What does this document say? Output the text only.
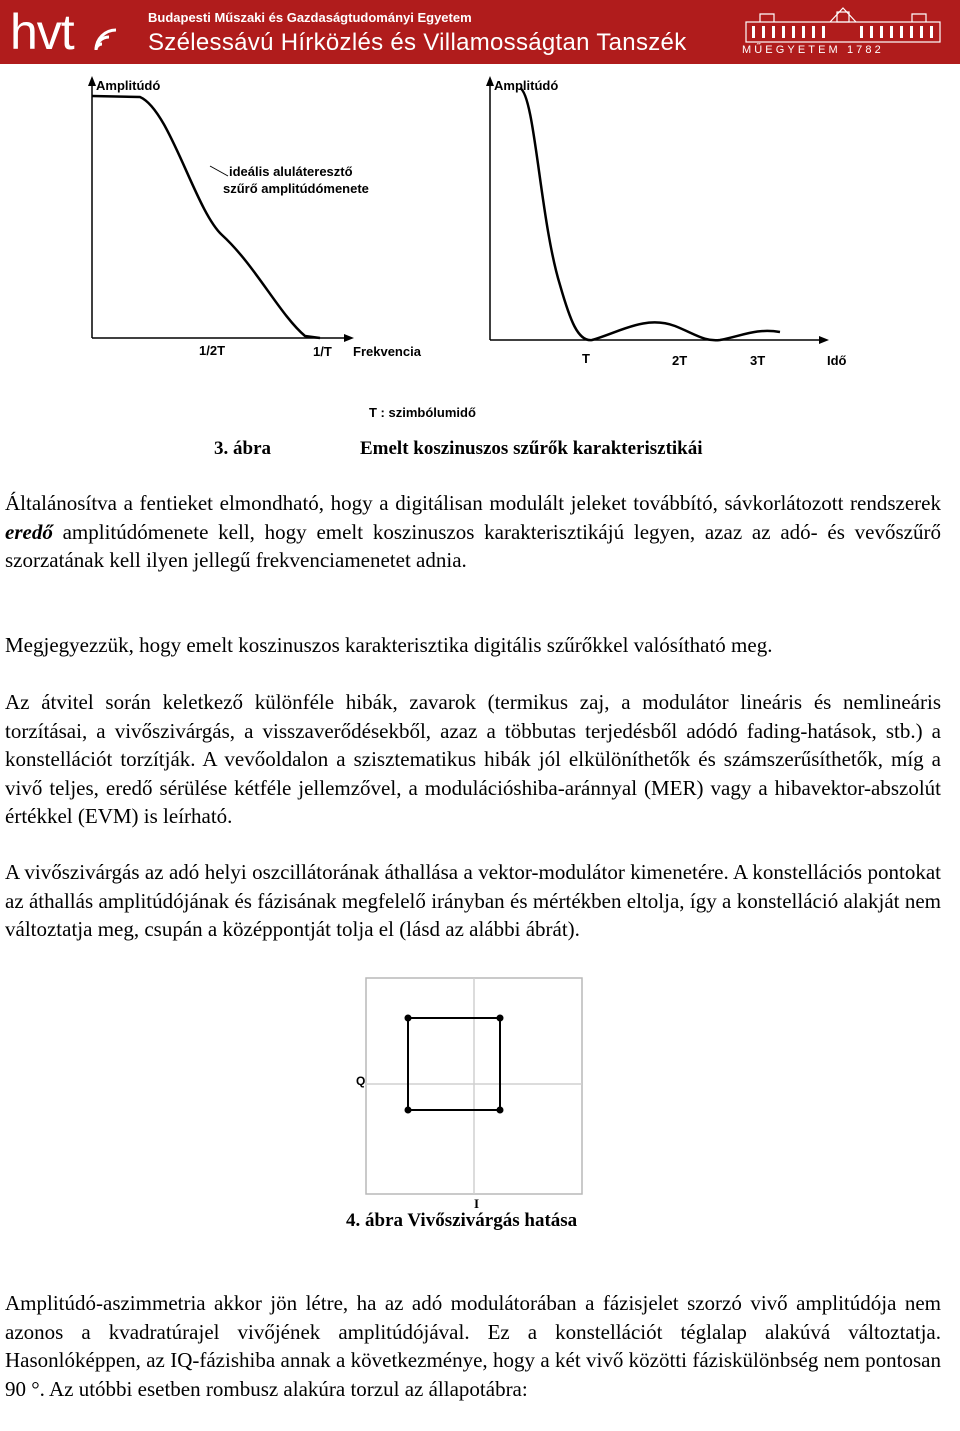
hvt	Budapesti Műszaki és Gazdaságtudományi Egyetem
Szélessávú Hírközlés és Villamosságtan Tanszék	MŰEGYETEM 1782
Amplitúdó
ideális aluláteresztő
szűrő amplitúdómenete
1/2T	1/T Frekvencia
Amplitúdó
T	2T	3T	Idő
T : szimbólumidő
3. ábra	Emelt koszinuszos szűrők karakterisztikái
Általánosítva a fentieket elmondható, hogy a digitálisan modulált jeleket továbbító, sávkorlátozott rendszerek eredő amplitúdómenete kell, hogy emelt koszinuszos karakterisztikájú legyen, azaz az adó- és vevőszűrő szorzatának kell ilyen jellegű frekvenciamenetet adnia.
Megjegyezzük, hogy emelt koszinuszos karakterisztika digitális szűrőkkel valósítható meg.
Az átvitel során keletkező különféle hibák, zavarok (termikus zaj, a modulátor lineáris és nemlineáris torzításai, a vivőszivárgás, a visszaverődésekből, azaz a többutas terjedésből adódó fading-hatások, stb.) a konstellációt torzítják. A vevőoldalon a szisztematikus hibák jól elkülöníthetők és számszerűsíthetők, míg a vivő teljes, eredő sérülése kétféle jellemzővel, a modulációshiba-aránnyal (MER) vagy a hibavektor-abszolút értékkel (EVM) is leírható.
A vivőszivárgás az adó helyi oszcillátorának áthallása a vektor-modulátor kimenetére. A konstellációs pontokat az áthallás amplitúdójának és fázisának megfelelő irányban és mértékben eltolja, így a konstelláció alakját nem változtatja meg, csupán a középpontját tolja el (lásd az alábbi ábrát).
Q
I
4. ábra Vivőszivárgás hatása
Amplitúdó-aszimmetria akkor jön létre, ha az adó modulátorában a fázisjelet szorzó vivő amplitúdója nem azonos a kvadratúrajel vivőjének amplitúdójával. Ez a konstellációt téglalap alakúvá változtatja. Hasonlóképpen, az IQ-fázishiba annak a következménye, hogy a két vivő közötti fáziskülönbség nem pontosan 90 °. Az utóbbi esetben rombusz alakúra torzul az állapotábra:
